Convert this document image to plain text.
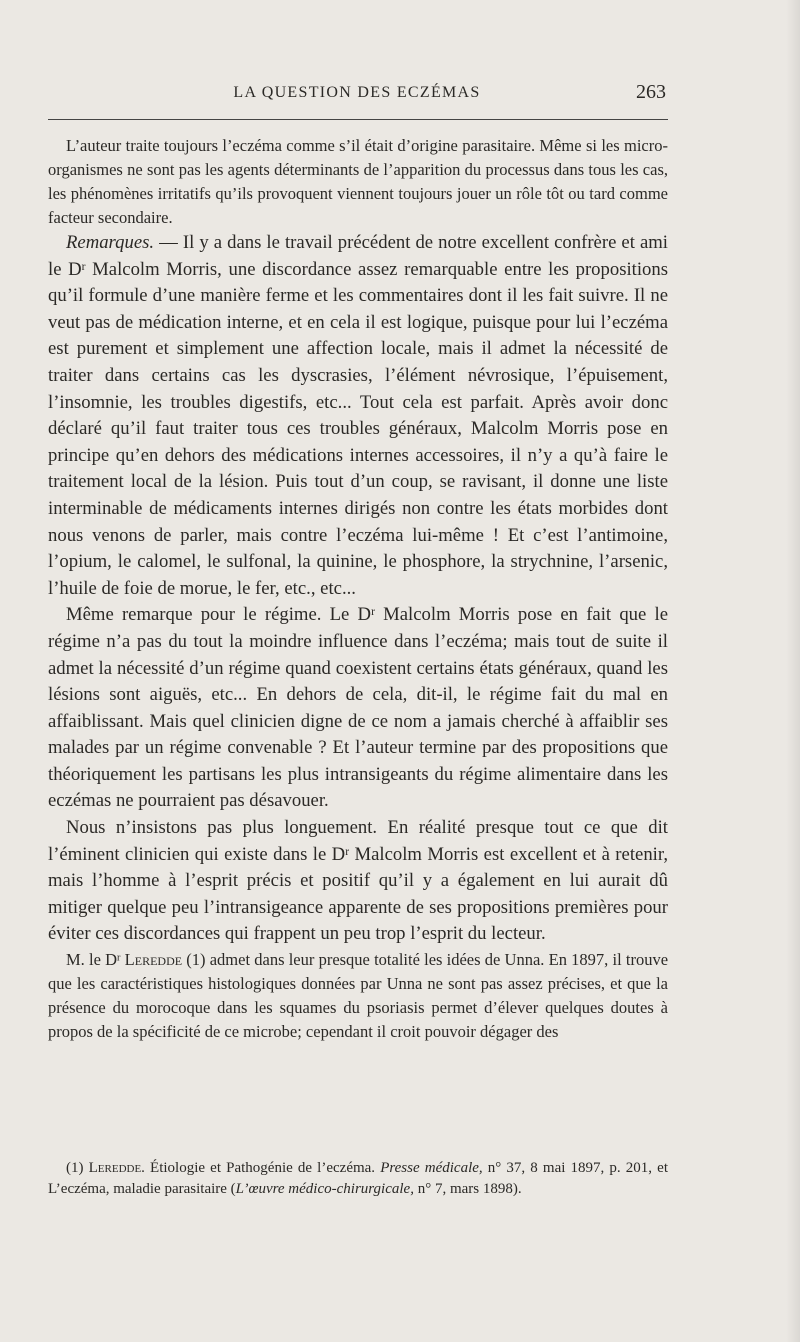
LA QUESTION DES ECZÉMAS	263

L’auteur traite toujours l’eczéma comme s’il était d’origine parasitaire. Même si les micro-organismes ne sont pas les agents déterminants de l’apparition du processus dans tous les cas, les phénomènes irritatifs qu’ils provoquent viennent toujours jouer un rôle tôt ou tard comme facteur secondaire.

Remarques. — Il y a dans le travail précédent de notre excellent confrère et ami le $D^r$ Malcolm Morris, une discordance assez remarquable entre les propositions qu’il formule d’une manière ferme et les commentaires dont il les fait suivre. Il ne veut pas de médication interne, et en cela il est logique, puisque pour lui l’eczéma est purement et simplement une affection locale, mais il admet la nécessité de traiter dans certains cas les dyscrasies, l’élément névrosique, l’épuisement, l’insomnie, les troubles digestifs, etc... Tout cela est parfait. Après avoir donc déclaré qu’il faut traiter tous ces troubles généraux, Malcolm Morris pose en principe qu’en dehors des médications internes accessoires, il n’y a qu’à faire le traitement local de la lésion. Puis tout d’un coup, se ravisant, il donne une liste interminable de médicaments internes dirigés non contre les états morbides dont nous venons de parler, mais contre l’eczéma lui-même ! Et c’est l’antimoine, l’opium, le calomel, le sulfonal, la quinine, le phosphore, la strychnine, l’arsenic, l’huile de foie de morue, le fer, etc., etc...

Même remarque pour le régime. Le $D^r$ Malcolm Morris pose en fait que le régime n’a pas du tout la moindre influence dans l’eczéma; mais tout de suite il admet la nécessité d’un régime quand coexistent certains états généraux, quand les lésions sont aiguës, etc... En dehors de cela, dit-il, le régime fait du mal en affaiblissant. Mais quel clinicien digne de ce nom a jamais cherché à affaiblir ses malades par un régime convenable ? Et l’auteur termine par des propositions que théoriquement les partisans les plus intransigeants du régime alimentaire dans les eczémas ne pourraient pas désavouer.

Nous n’insistons pas plus longuement. En réalité presque tout ce que dit l’éminent clinicien qui existe dans le $D^r$ Malcolm Morris est excellent et à retenir, mais l’homme à l’esprit précis et positif qu’il y a également en lui aurait dû mitiger quelque peu l’intransigeance apparente de ses propositions premières pour éviter ces discordances qui frappent un peu trop l’esprit du lecteur.

M. le $D^r$ Leredde (1) admet dans leur presque totalité les idées de Unna. En 1897, il trouve que les caractéristiques histologiques données par Unna ne sont pas assez précises, et que la présence du morocoque dans les squames du psoriasis permet d’élever quelques doutes à propos de la spécificité de ce microbe; cependant il croit pouvoir dégager des

(1) Leredde. Étiologie et Pathogénie de l’eczéma. Presse médicale, n° 37, 8 mai 1897, p. 201, et L’eczéma, maladie parasitaire (L’œuvre médico-chirurgicale, n° 7, mars 1898).
